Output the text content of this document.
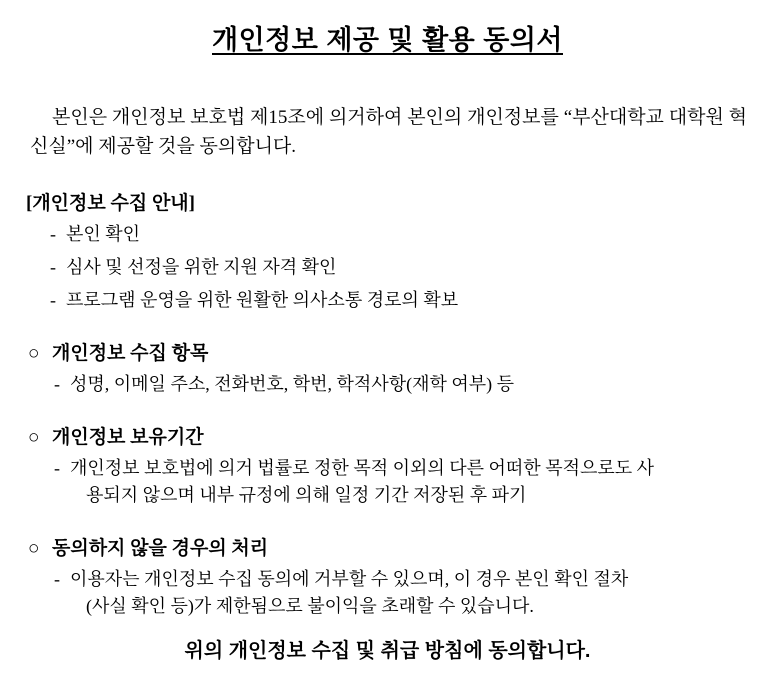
개인정보 제공 및 활용 동의서

본인은 개인정보 보호법 제15조에 의거하여 본인의 개인정보를 “부산대학교 대학원 혁신실”에 제공할 것을 동의합니다.

[개인정보 수집 안내]
- 본인 확인
- 심사 및 선정을 위한 지원 자격 확인
- 프로그램 운영을 위한 원활한 의사소통 경로의 확보
○ 개인정보 수집 항목
- 성명, 이메일 주소, 전화번호, 학번, 학적사항(재학 여부) 등
○ 개인정보 보유기간
- 개인정보 보호법에 의거 법률로 정한 목적 이외의 다른 어떠한 목적으로도 사
용되지 않으며 내부 규정에 의해 일정 기간 저장된 후 파기
○ 동의하지 않을 경우의 처리
- 이용자는 개인정보 수집 동의에 거부할 수 있으며, 이 경우 본인 확인 절차
(사실 확인 등)가 제한됨으로 불이익을 초래할 수 있습니다.
위의 개인정보 수집 및 취급 방침에 동의합니다.
